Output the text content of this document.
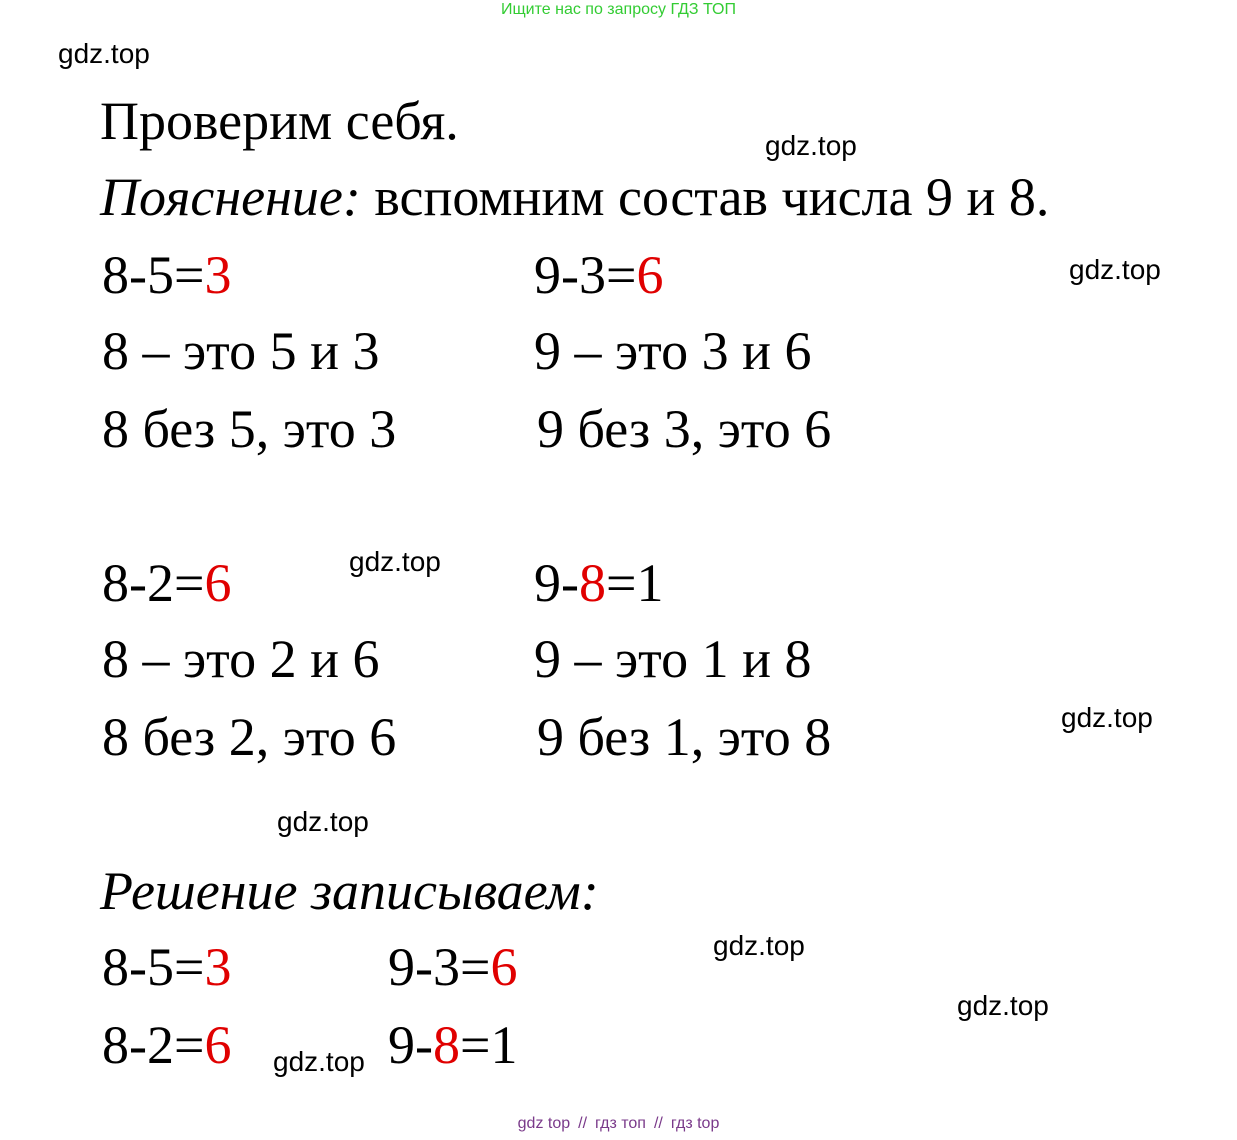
Ищите нас по запросу ГДЗ ТОП
gdz.top
gdz.top
gdz.top
gdz.top
gdz.top
gdz.top
gdz.top
gdz.top
gdz.top
Проверим себя.
Пояснение: вспомним состав числа 9 и 8.
8-5=3
8 – это 5 и 3
8 без 5, это 3
9-3=6
9 – это 3 и 6
9 без 3, это 6
8-2=6
8 – это 2 и 6
8 без 2, это 6
9-8=1
9 – это 1 и 8
9 без 1, это 8
Решение записываем:
8-5=3	9-3=6
8-2=6	9-8=1
gdz top // гдз топ // гдз top
